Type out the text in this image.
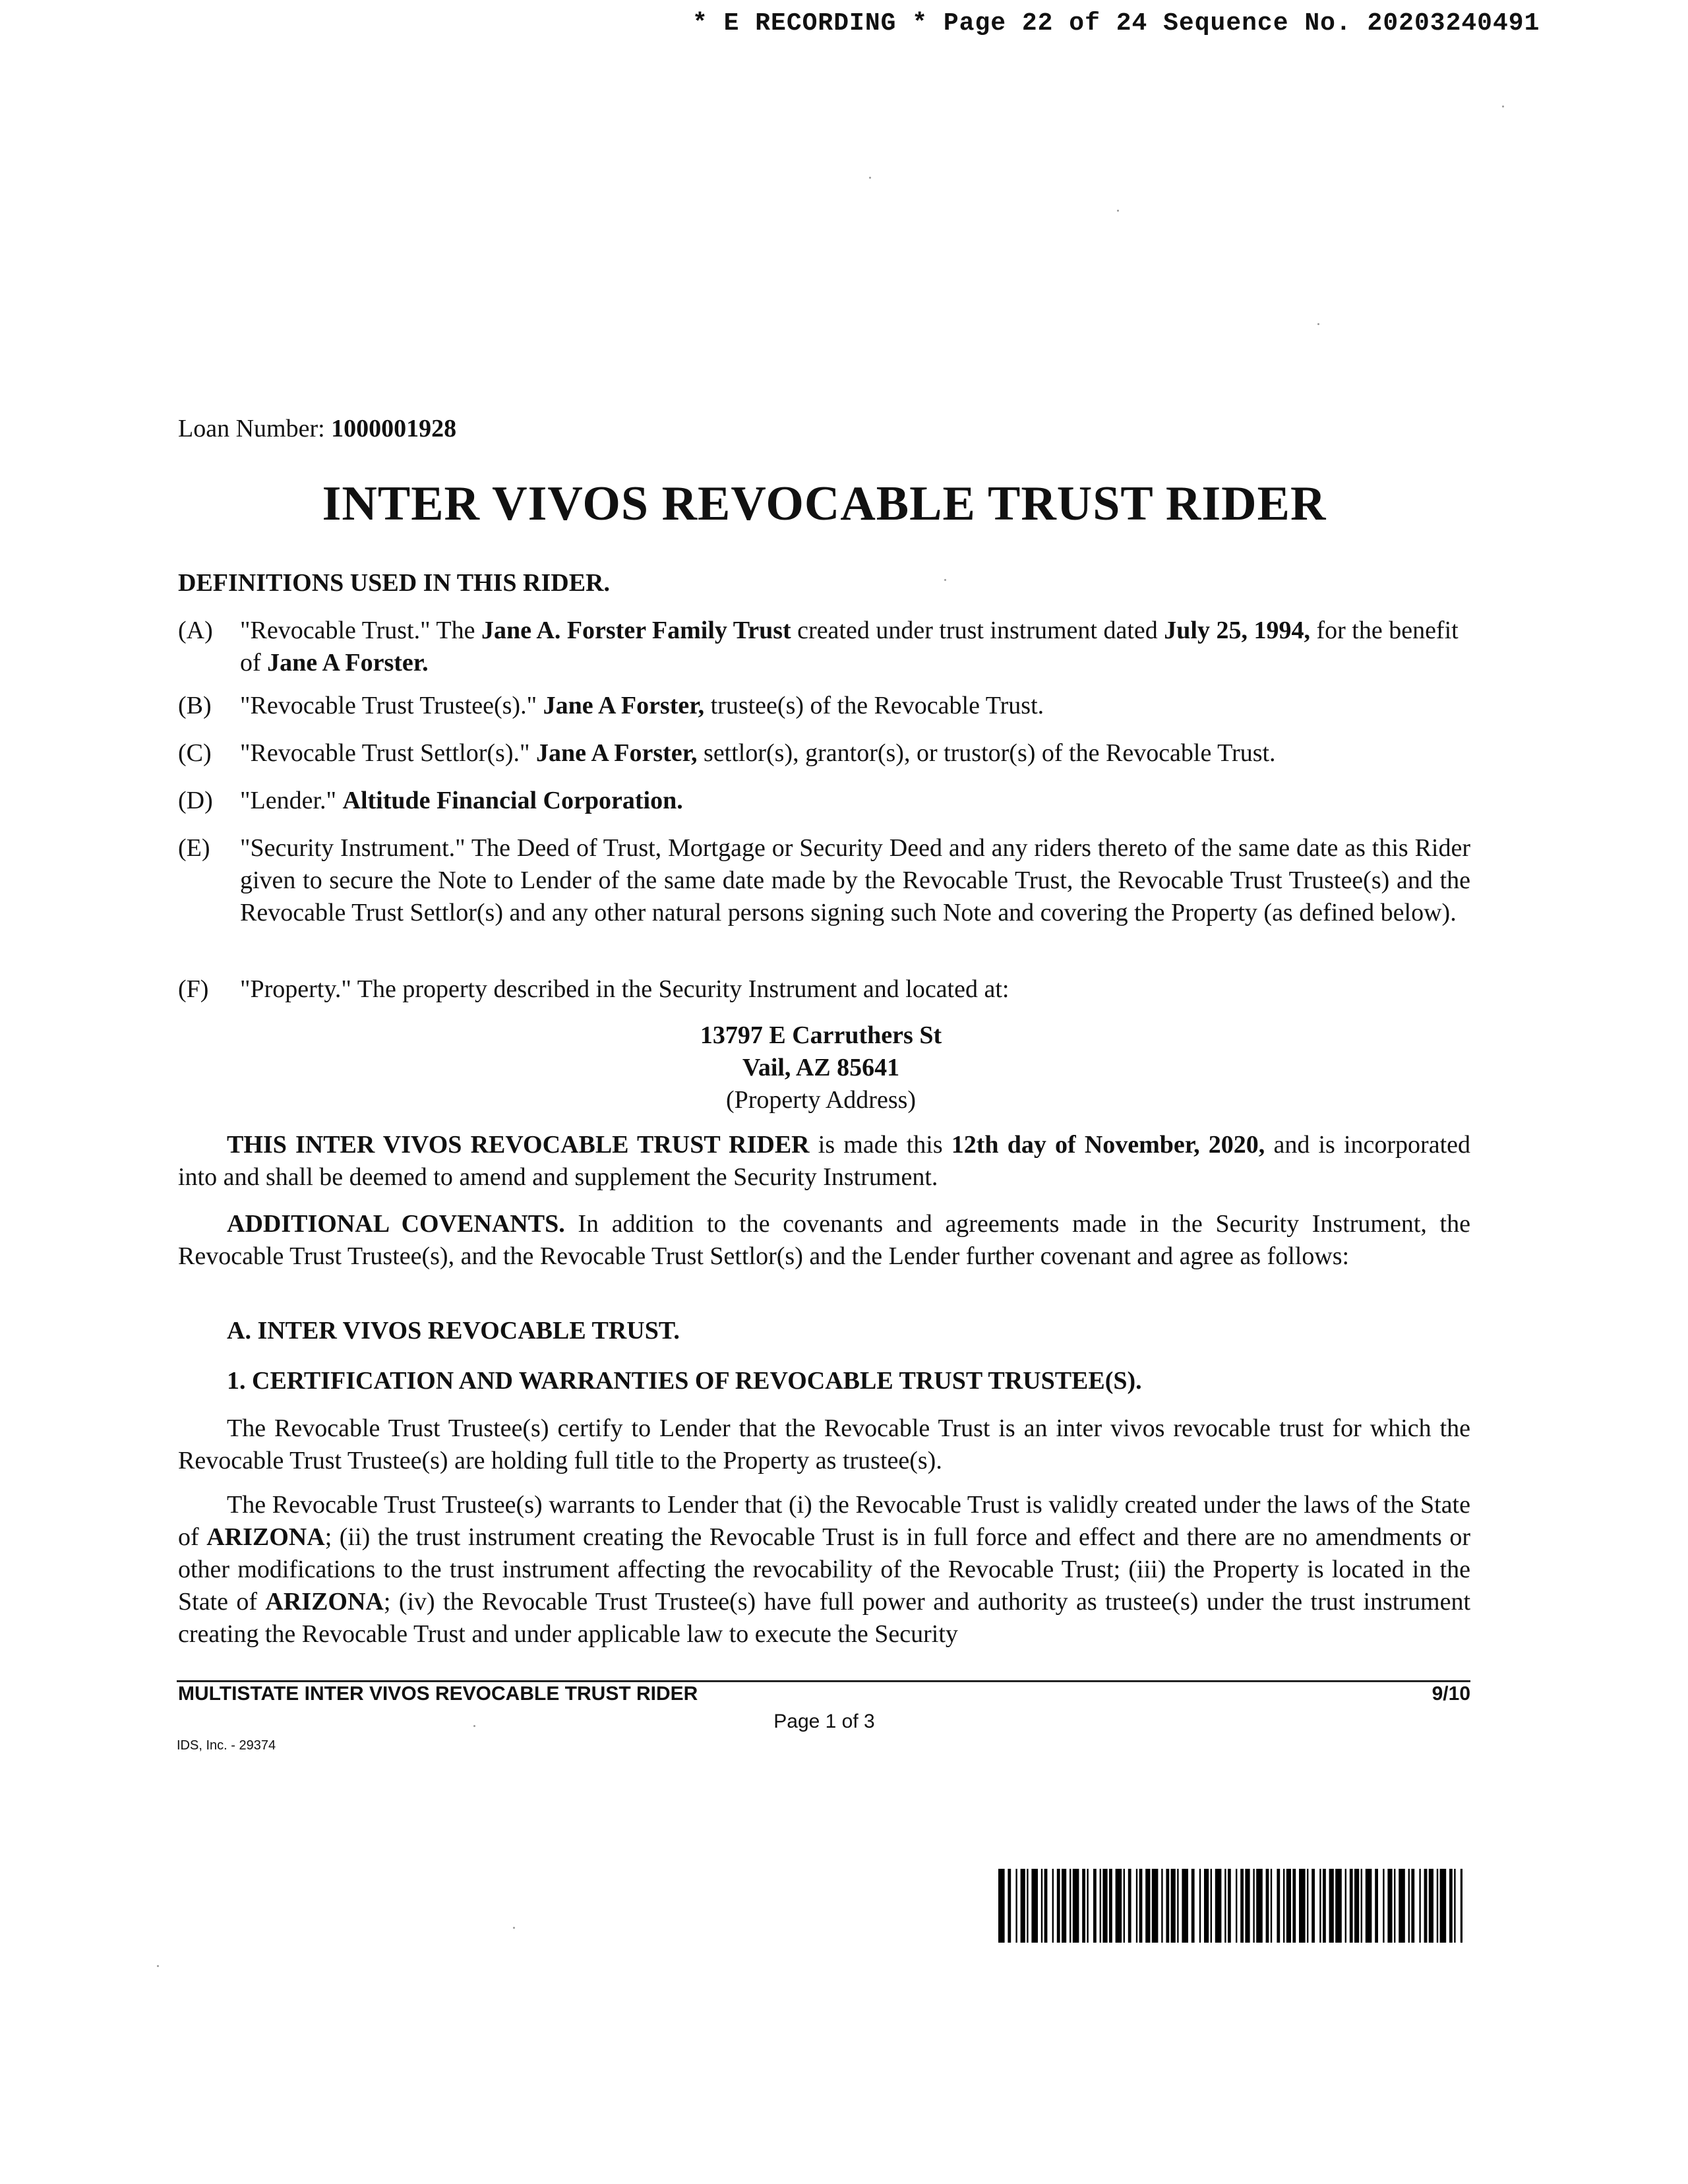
* E RECORDING * Page 22 of 24 Sequence No. 20203240491
Loan Number: 1000001928
INTER VIVOS REVOCABLE TRUST RIDER
DEFINITIONS USED IN THIS RIDER.
(A)	"Revocable Trust." The Jane A. Forster Family Trust created under trust instrument dated July 25, 1994, for the benefit of Jane A Forster.
(B)	"Revocable Trust Trustee(s)." Jane A Forster, trustee(s) of the Revocable Trust.
(C)	"Revocable Trust Settlor(s)." Jane A Forster, settlor(s), grantor(s), or trustor(s) of the Revocable Trust.
(D)	"Lender." Altitude Financial Corporation.
(E)	"Security Instrument." The Deed of Trust, Mortgage or Security Deed and any riders thereto of the same date as this Rider given to secure the Note to Lender of the same date made by the Revocable Trust, the Revocable Trust Trustee(s) and the Revocable Trust Settlor(s) and any other natural persons signing such Note and covering the Property (as defined below).
(F)	"Property." The property described in the Security Instrument and located at:
13797 E Carruthers St
Vail, AZ 85641
(Property Address)
THIS INTER VIVOS REVOCABLE TRUST RIDER is made this 12th day of November, 2020, and is incorporated into and shall be deemed to amend and supplement the Security Instrument.
ADDITIONAL COVENANTS. In addition to the covenants and agreements made in the Security Instrument, the Revocable Trust Trustee(s), and the Revocable Trust Settlor(s) and the Lender further covenant and agree as follows:
A. INTER VIVOS REVOCABLE TRUST.
1. CERTIFICATION AND WARRANTIES OF REVOCABLE TRUST TRUSTEE(S).
The Revocable Trust Trustee(s) certify to Lender that the Revocable Trust is an inter vivos revocable trust for which the Revocable Trust Trustee(s) are holding full title to the Property as trustee(s).
The Revocable Trust Trustee(s) warrants to Lender that (i) the Revocable Trust is validly created under the laws of the State of ARIZONA; (ii) the trust instrument creating the Revocable Trust is in full force and effect and there are no amendments or other modifications to the trust instrument affecting the revocability of the Revocable Trust; (iii) the Property is located in the State of ARIZONA; (iv) the Revocable Trust Trustee(s) have full power and authority as trustee(s) under the trust instrument creating the Revocable Trust and under applicable law to execute the Security
MULTISTATE INTER VIVOS REVOCABLE TRUST RIDER	9/10
Page 1 of 3
IDS, Inc. - 29374
